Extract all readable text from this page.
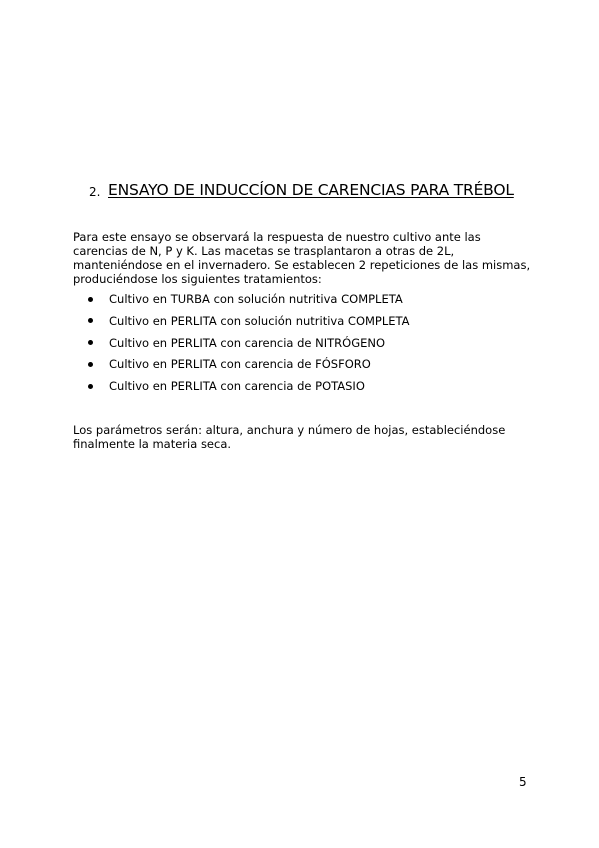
2. ENSAYO DE INDUCCÍON DE CARENCIAS PARA TRÉBOL

Para este ensayo se observará la respuesta de nuestro cultivo ante las carencias de N, P y K. Las macetas se trasplantaron a otras de 2L, manteniéndose en el invernadero. Se establecen 2 repeticiones de las mismas, produciéndose los siguientes tratamientos:

Cultivo en TURBA con solución nutritiva COMPLETA
Cultivo en PERLITA con solución nutritiva COMPLETA
Cultivo en PERLITA con carencia de NITRÓGENO
Cultivo en PERLITA con carencia de FÓSFORO
Cultivo en PERLITA con carencia de POTASIO

Los parámetros serán: altura, anchura y número de hojas, estableciéndose finalmente la materia seca.

5
